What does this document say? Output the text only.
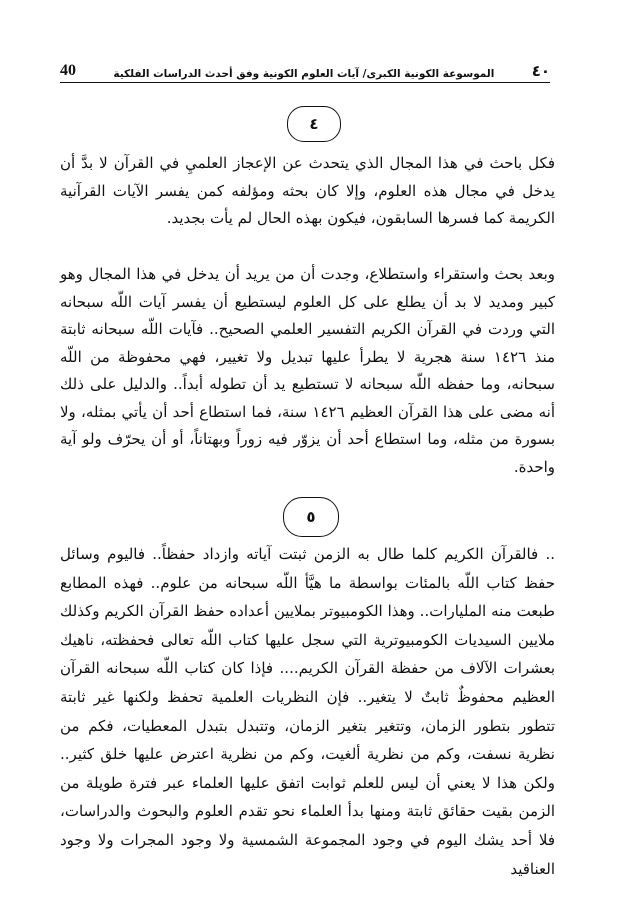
40	الموسوعة الكونية الكبرى/ آيات العلوم الكونية وفق أحدث الدراسات الفلكية ٤٠
٤

فكل باحث في هذا المجال الذي يتحدث عن الإعجاز العلميِ في القرآن لا بدَّ أن يدخل في مجال هذه العلوم، وإلا كان بحثه ومؤلفه كمن يفسر الآيات القرآنية الكريمة كما فسرها السابقون، فيكون بهذه الحال لم يأت بجديد.

وبعد بحث واستقراء واستطلاع، وجدت أن من يريد أن يدخل في هذا المجال وهو كبير ومديد لا بد أن يطلع على كل العلوم ليستطيع أن يفسر آيات اللّه سبحانه التي وردت في القرآن الكريم التفسير العلمي الصحيح.. فآيات اللّه سبحانه ثابتة منذ ١٤٢٦ سنة هجرية لا يطرأ عليها تبديل ولا تغيير، فهي محفوظة من اللّه سبحانه، وما حفظه اللّه سبحانه لا تستطيع يد أن تطوله أبداً.. والدليل على ذلك أنه مضى على هذا القرآن العظيم ١٤٢٦ سنة، فما استطاع أحد أن يأتي بمثله، ولا بسورة من مثله، وما استطاع أحد أن يزوّر فيه زوراً وبهتاناً، أو أن يحرّف ولو آية واحدة.

٥

.. فالقرآن الكريم كلما طال به الزمن ثبتت آياته وازداد حفظاً.. فاليوم وسائل حفظ كتاب اللّه بالمئات بواسطة ما هيَّأ اللّه سبحانه من علوم.. فهذه المطابع طبعت منه المليارات.. وهذا الكومبيوتر بملايين أعداده حفظ القرآن الكريم وكذلك ملايين السيديات الكومبيوترية التي سجل عليها كتاب اللّه تعالى فحفظته، ناهيك بعشرات الآلاف من حفظة القرآن الكريم.... فإذا كان كتاب اللّه سبحانه القرآن العظيم محفوظٌ ثابتٌ لا يتغير.. فإن النظريات العلمية تحفظ ولكنها غير ثابتة تتطور بتطور الزمان، وتتغير بتغير الزمان، وتتبدل بتبدل المعطيات، فكم من نظرية نسفت، وكم من نظرية ألغيت، وكم من نظرية اعترض عليها خلق كثير.. ولكن هذا لا يعني أن ليس للعلم ثوابت اتفق عليها العلماء عبر فترة طويلة من الزمن بقيت حقائق ثابتة ومنها بدأ العلماء نحو تقدم العلوم والبحوث والدراسات، فلا أحد يشك اليوم في وجود المجموعة الشمسية ولا وجود المجرات ولا وجود العناقيد
